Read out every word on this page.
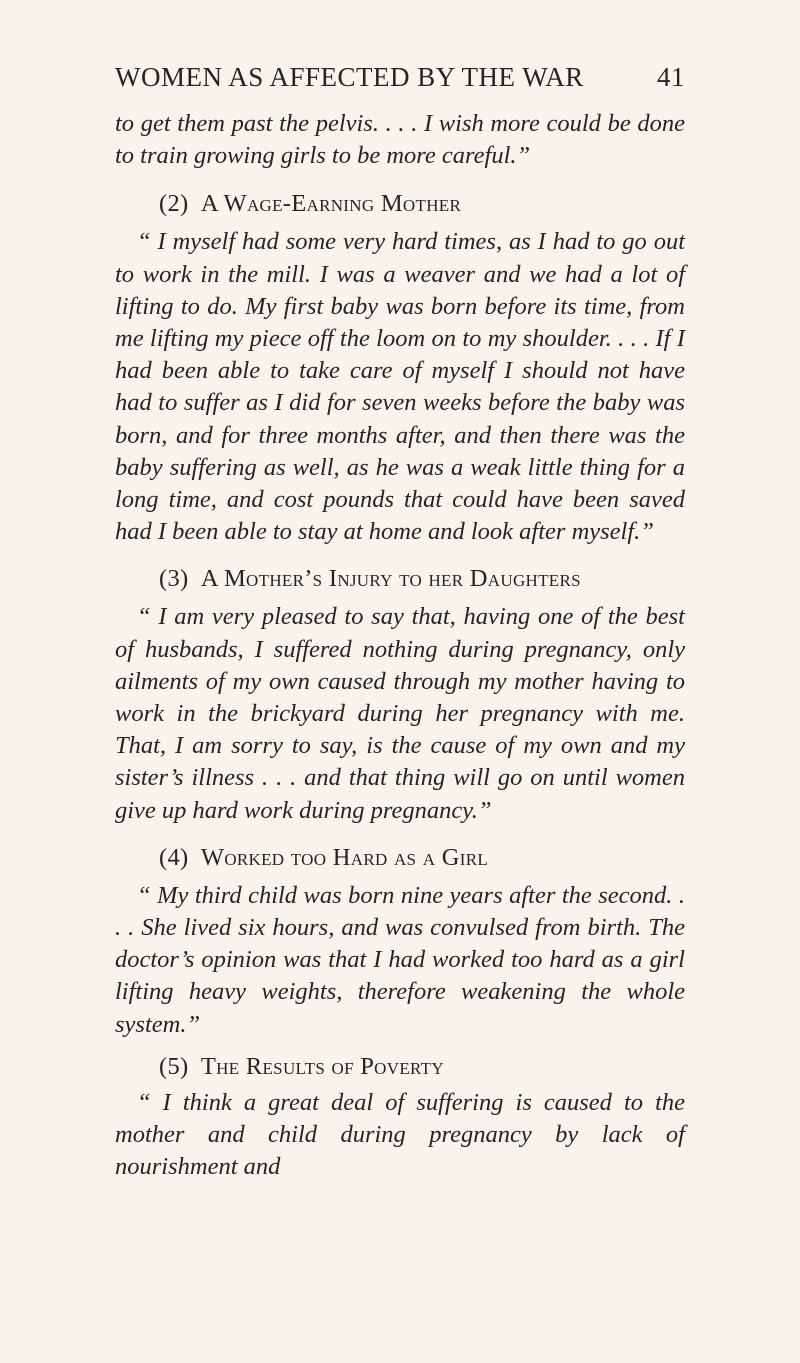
WOMEN AS AFFECTED BY THE WAR	41

to get them past the pelvis. . . . I wish more could be done to train growing girls to be more careful.”

(2) A Wage-Earning Mother

“ I myself had some very hard times, as I had to go out to work in the mill. I was a weaver and we had a lot of lifting to do. My first baby was born before its time, from me lifting my piece off the loom on to my shoulder. . . . If I had been able to take care of myself I should not have had to suffer as I did for seven weeks before the baby was born, and for three months after, and then there was the baby suffering as well, as he was a weak little thing for a long time, and cost pounds that could have been saved had I been able to stay at home and look after myself.”

(3) A Mother’s Injury to her Daughters

“ I am very pleased to say that, having one of the best of husbands, I suffered nothing during pregnancy, only ailments of my own caused through my mother having to work in the brickyard during her pregnancy with me. That, I am sorry to say, is the cause of my own and my sister’s illness . . . and that thing will go on until women give up hard work during pregnancy.”

(4) Worked too Hard as a Girl

“ My third child was born nine years after the second. . . . She lived six hours, and was convulsed from birth. The doctor’s opinion was that I had worked too hard as a girl lifting heavy weights, therefore weakening the whole system.”

(5) The Results of Poverty

“ I think a great deal of suffering is caused to the mother and child during pregnancy by lack of nourishment and
